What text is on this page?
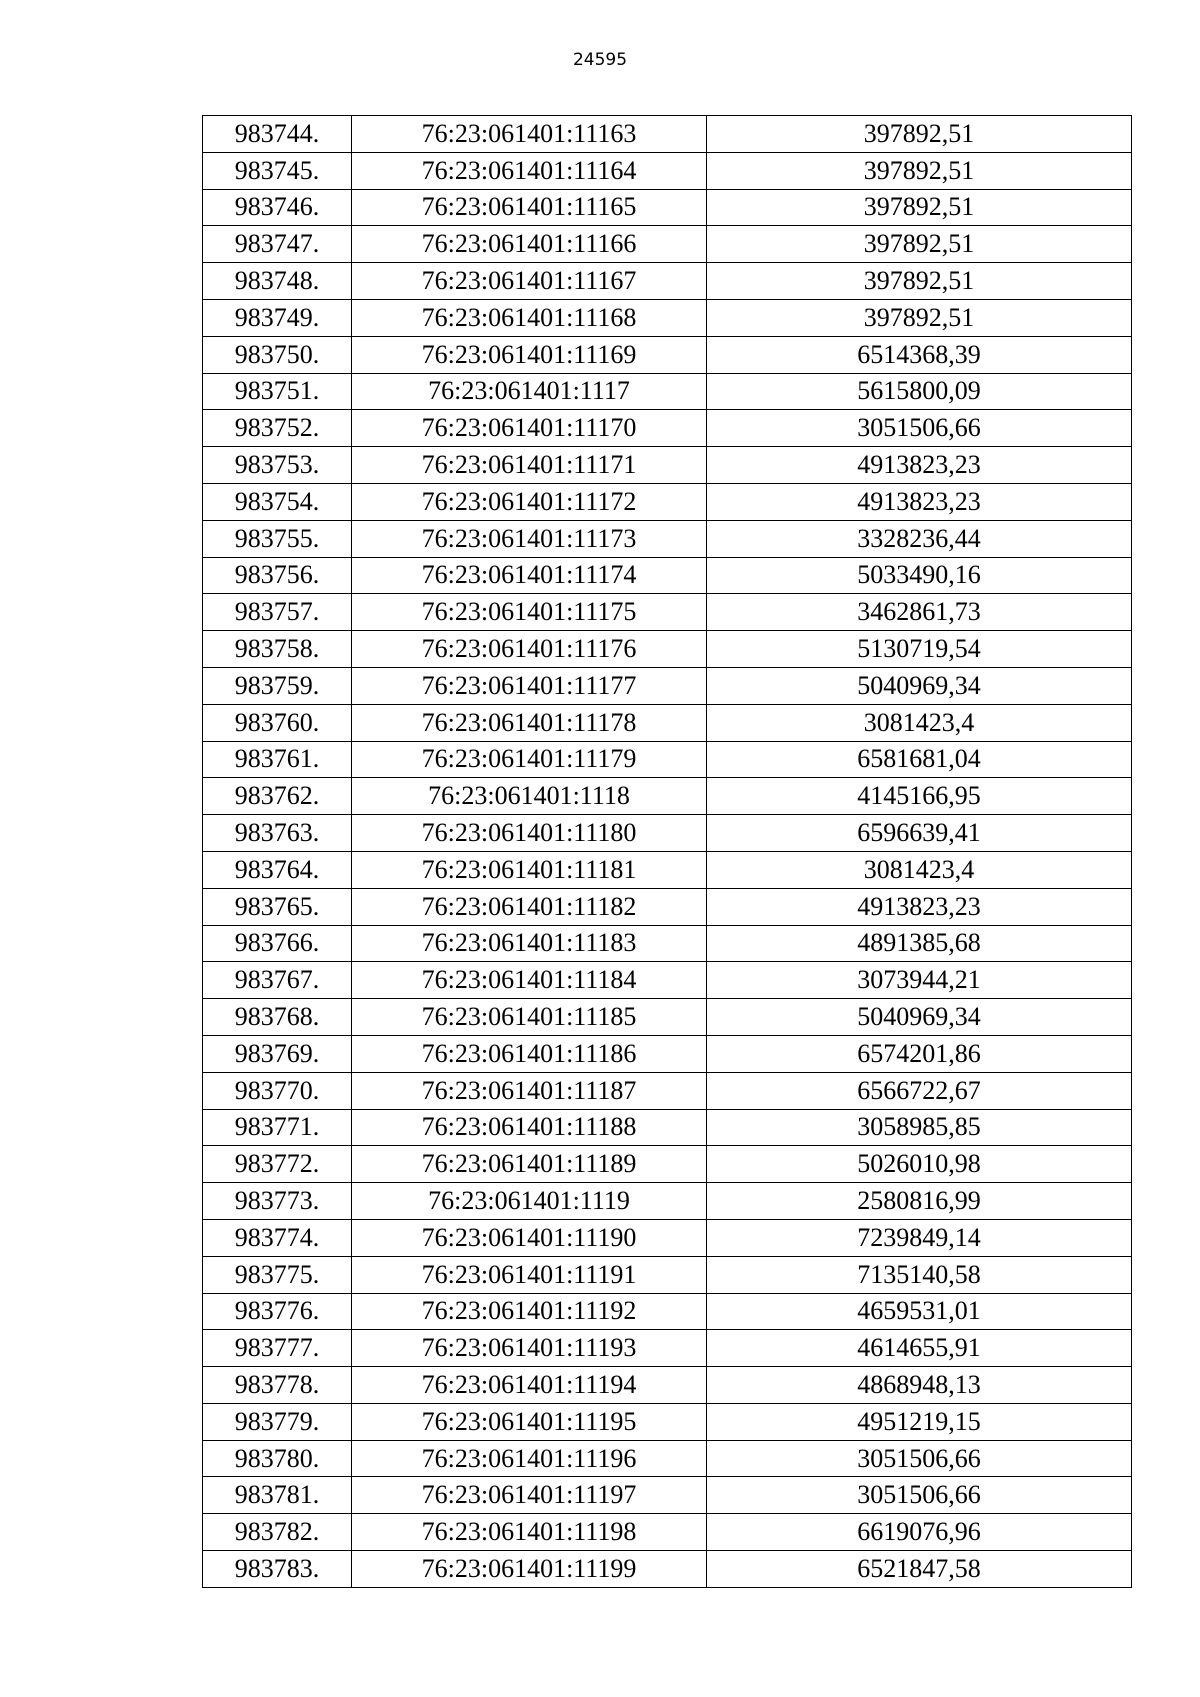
24595
983744.	76:23:061401:11163	397892,51
983745.	76:23:061401:11164	397892,51
983746.	76:23:061401:11165	397892,51
983747.	76:23:061401:11166	397892,51
983748.	76:23:061401:11167	397892,51
983749.	76:23:061401:11168	397892,51
983750.	76:23:061401:11169	6514368,39
983751.	76:23:061401:1117	5615800,09
983752.	76:23:061401:11170	3051506,66
983753.	76:23:061401:11171	4913823,23
983754.	76:23:061401:11172	4913823,23
983755.	76:23:061401:11173	3328236,44
983756.	76:23:061401:11174	5033490,16
983757.	76:23:061401:11175	3462861,73
983758.	76:23:061401:11176	5130719,54
983759.	76:23:061401:11177	5040969,34
983760.	76:23:061401:11178	3081423,4
983761.	76:23:061401:11179	6581681,04
983762.	76:23:061401:1118	4145166,95
983763.	76:23:061401:11180	6596639,41
983764.	76:23:061401:11181	3081423,4
983765.	76:23:061401:11182	4913823,23
983766.	76:23:061401:11183	4891385,68
983767.	76:23:061401:11184	3073944,21
983768.	76:23:061401:11185	5040969,34
983769.	76:23:061401:11186	6574201,86
983770.	76:23:061401:11187	6566722,67
983771.	76:23:061401:11188	3058985,85
983772.	76:23:061401:11189	5026010,98
983773.	76:23:061401:1119	2580816,99
983774.	76:23:061401:11190	7239849,14
983775.	76:23:061401:11191	7135140,58
983776.	76:23:061401:11192	4659531,01
983777.	76:23:061401:11193	4614655,91
983778.	76:23:061401:11194	4868948,13
983779.	76:23:061401:11195	4951219,15
983780.	76:23:061401:11196	3051506,66
983781.	76:23:061401:11197	3051506,66
983782.	76:23:061401:11198	6619076,96
983783.	76:23:061401:11199	6521847,58
